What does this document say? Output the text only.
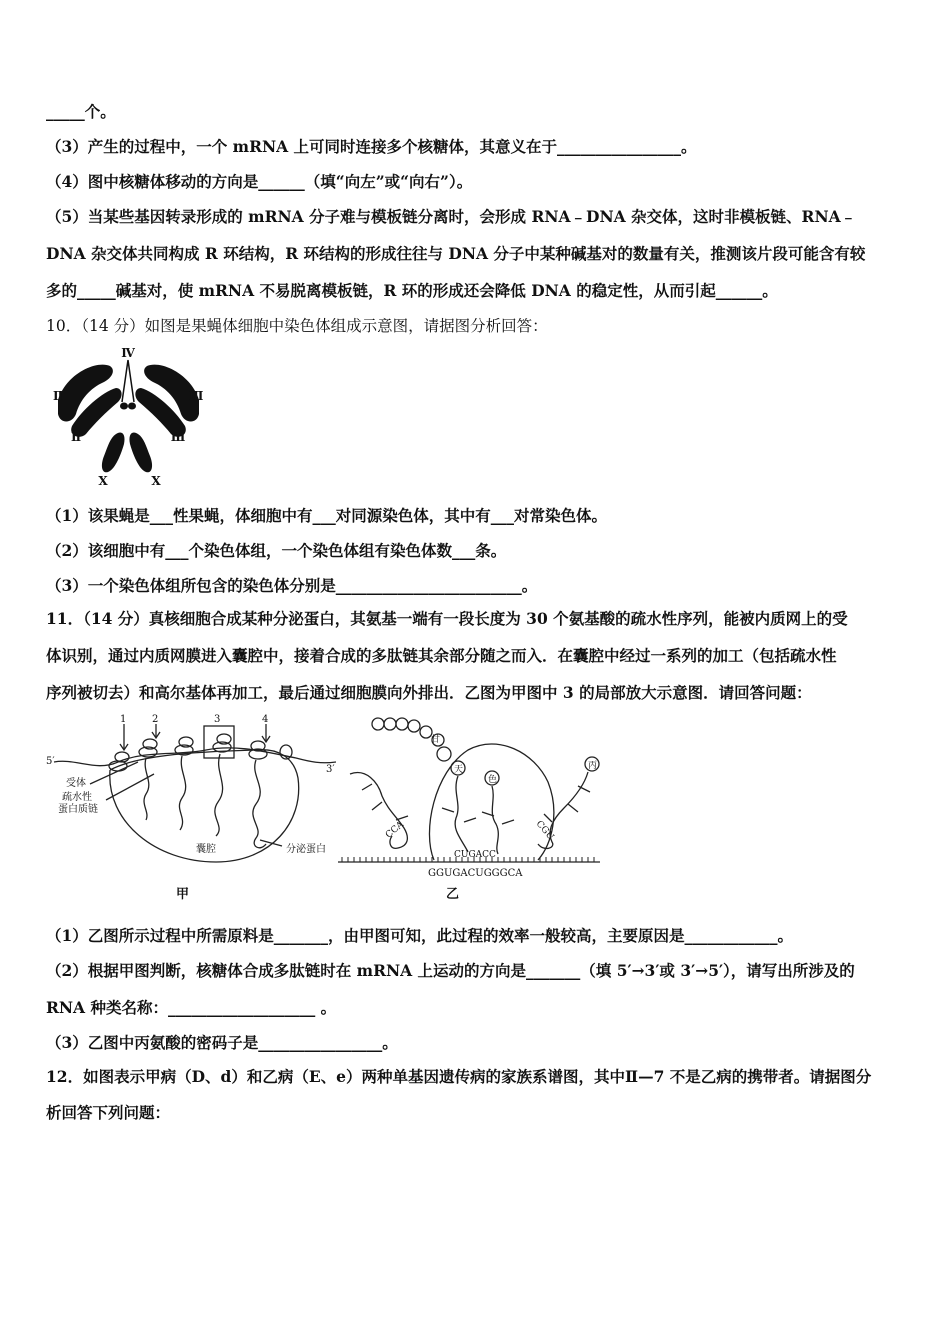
_____个。
（3）产生的过程中，一个 mRNA 上可同时连接多个核糖体，其意义在于________________。
（4）图中核糖体移动的方向是______（填“向左”或“向右”）。
（5）当某些基因转录形成的 mRNA 分子难与模板链分离时，会形成 RNA﹣DNA 杂交体，这时非模板链、RNA﹣
DNA 杂交体共同构成 R 环结构，R 环结构的形成往往与 DNA 分子中某种碱基对的数量有关，推测该片段可能含有较
多的_____碱基对，使 mRNA 不易脱离模板链，R 环的形成还会降低 DNA 的稳定性，从而引起______。
10．（14 分）如图是果蝇体细胞中染色体组成示意图，请据图分析回答：
Ⅳ
Ⅱ
Ⅱ
Ⅲ
Ⅲ
X	X
（1）该果蝇是___性果蝇，体细胞中有___对同源染色体，其中有___对常染色体。
（2）该细胞中有___个染色体组，一个染色体组有染色体数___条。
（3）一个染色体组所包含的染色体分别是________________________。
11．（14 分）真核细胞合成某种分泌蛋白，其氨基一端有一段长度为 30 个氨基酸的疏水性序列，能被内质网上的受
体识别，通过内质网膜进入囊腔中，接着合成的多肽链其余部分随之而入．在囊腔中经过一系列的加工（包括疏水性
序列被切去）和高尔基体再加工，最后通过细胞膜向外排出．乙图为甲图中 3 的局部放大示意图．请回答问题：
1	2	3	4
5′
3′
受体
疏水性
蛋白质链
囊腔	分泌蛋白
甲
甘
天
色
丙
CCA
CUGACC
CGU
GGUGACUGGGCA
乙
（1）乙图所示过程中所需原料是_______，由甲图可知，此过程的效率一般较高，主要原因是____________。
（2）根据甲图判断，核糖体合成多肽链时在 mRNA 上运动的方向是_______（填 5′→3′或 3′→5′），请写出所涉及的
RNA 种类名称：___________________ 。
（3）乙图中丙氨酸的密码子是________________。
12．如图表示甲病（D、d）和乙病（E、e）两种单基因遗传病的家族系谱图，其中Ⅱ—7 不是乙病的携带者。请据图分
析回答下列问题：
